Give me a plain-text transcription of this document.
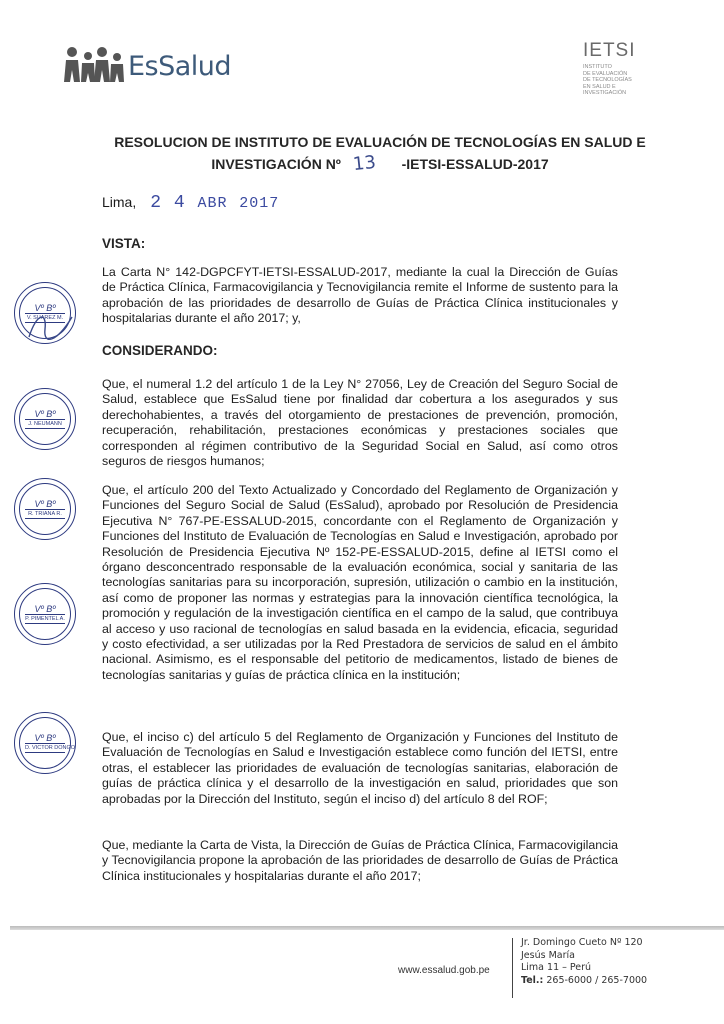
EsSalud	IETSI
INSTITUTO
DE EVALUACIÓN
DE TECNOLOGÍAS
EN SALUD E
INVESTIGACIÓN
RESOLUCION DE INSTITUTO DE EVALUACIÓN DE TECNOLOGÍAS EN SALUD E
INVESTIGACIÓN Nº 13 -IETSI-ESSALUD-2017
Lima, 2 4 ABR 2017
VISTA:
La Carta N° 142-DGPCFYT-IETSI-ESSALUD-2017, mediante la cual la Dirección de Guías de Práctica Clínica, Farmacovigilancia y Tecnovigilancia remite el Informe de sustento para la aprobación de las prioridades de desarrollo de Guías de Práctica Clínica institucionales y hospitalarias durante el año 2017; y,
CONSIDERANDO:
Que, el numeral 1.2 del artículo 1 de la Ley N° 27056, Ley de Creación del Seguro Social de Salud, establece que EsSalud tiene por finalidad dar cobertura a los asegurados y sus derechohabientes, a través del otorgamiento de prestaciones de prevención, promoción, recuperación, rehabilitación, prestaciones económicas y prestaciones sociales que corresponden al régimen contributivo de la Seguridad Social en Salud, así como otros seguros de riesgos humanos;
Que, el artículo 200 del Texto Actualizado y Concordado del Reglamento de Organización y Funciones del Seguro Social de Salud (EsSalud), aprobado por Resolución de Presidencia Ejecutiva N° 767-PE-ESSALUD-2015, concordante con el Reglamento de Organización y Funciones del Instituto de Evaluación de Tecnologías en Salud e Investigación, aprobado por Resolución de Presidencia Ejecutiva Nº 152-PE-ESSALUD-2015, define al IETSI como el órgano desconcentrado responsable de la evaluación económica, social y sanitaria de las tecnologías sanitarias para su incorporación, supresión, utilización o cambio en la institución, así como de proponer las normas y estrategias para la innovación científica tecnológica, la promoción y regulación de la investigación científica en el campo de la salud, que contribuya al acceso y uso racional de tecnologías en salud basada en la evidencia, eficacia, seguridad y costo efectividad, a ser utilizadas por la Red Prestadora de servicios de salud en el ámbito nacional. Asimismo, es el responsable del petitorio de medicamentos, listado de bienes de tecnologías sanitarias y guías de práctica clínica en la institución;
Que, el inciso c) del artículo 5 del Reglamento de Organización y Funciones del Instituto de Evaluación de Tecnologías en Salud e Investigación establece como función del IETSI, entre otras, el establecer las prioridades de evaluación de tecnologías sanitarias, elaboración de guías de práctica clínica y el desarrollo de la investigación en salud, prioridades que son aprobadas por la Dirección del Instituto, según el inciso d) del artículo 8 del ROF;
Que, mediante la Carta de Vista, la Dirección de Guías de Práctica Clínica, Farmacovigilancia y Tecnovigilancia propone la aprobación de las prioridades de desarrollo de Guías de Práctica Clínica institucionales y hospitalarias durante el año 2017;
Vº Bº
V. SUAREZ M.
Vº Bº
J. NEUMANN
Vº Bº
R. TRIANA R.
Vº Bº
P. PIMENTEL A.
Vº Bº
D. VICTOR DONGO
www.essalud.gob.pe
Jr. Domingo Cueto Nº 120
Jesús María
Lima 11 – Perú
Tel.: 265-6000 / 265-7000
